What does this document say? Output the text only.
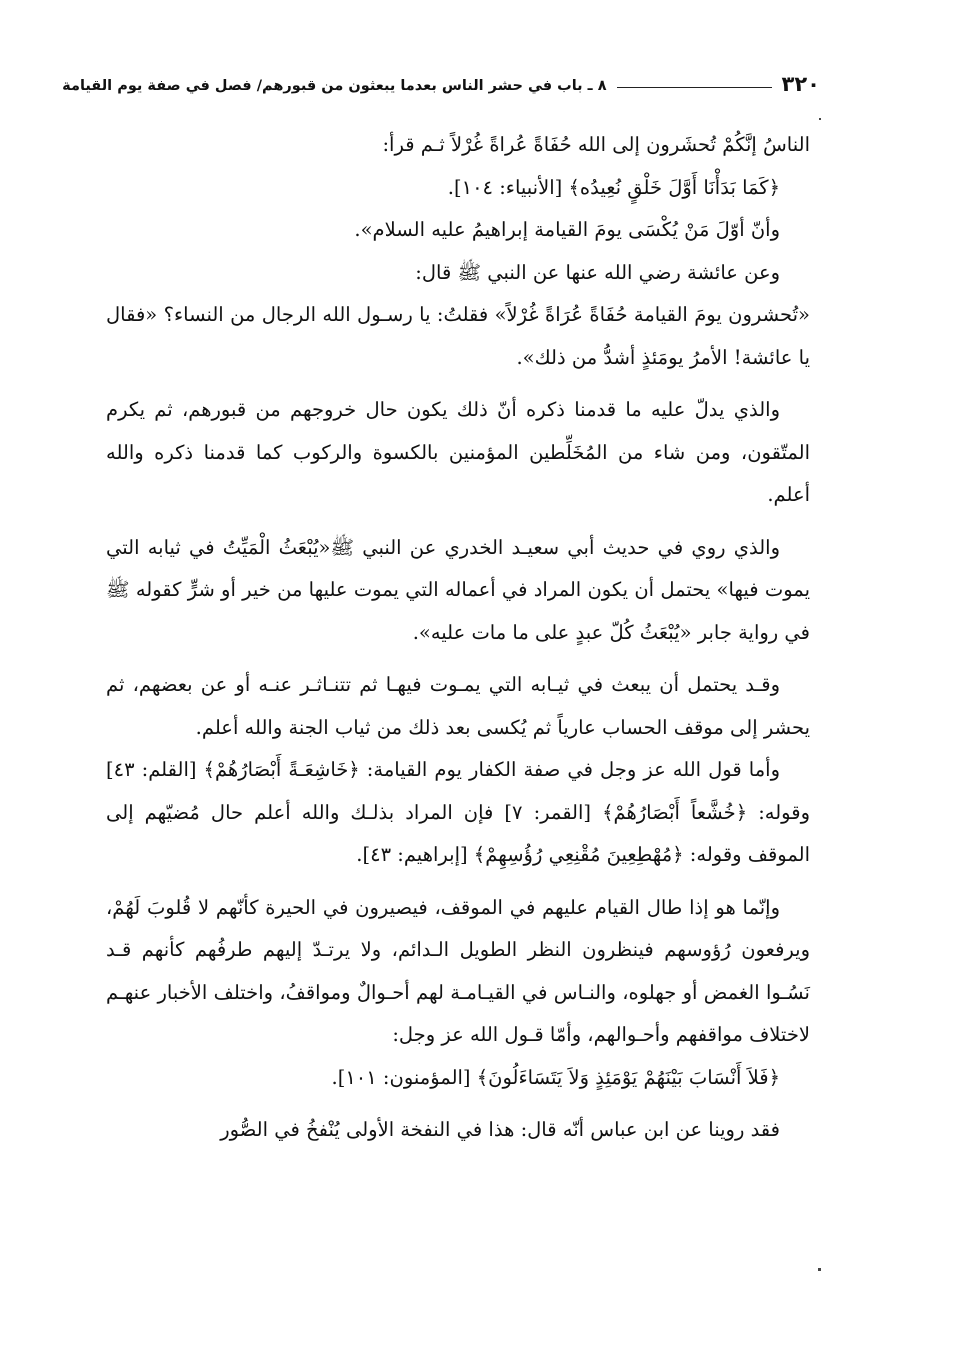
٣٢٠
٨ ـ باب في حشر الناس بعدما يبعثون من قبورهم/ فصل في صفة يوم القيامة

الناسُ إنَّكُمْ تُحشَرون إلى الله حُفَاةً عُراةً غُرْلاً ثـم قرأ:

﴿كَمَا بَدَأْنَا أَوَّلَ خَلْقٍ نُعِيدُه﴾ [الأنبياء: ١٠٤].

وأنّ أوّلَ مَنْ يُكْسَى يومَ القيامة إبراهيمُ عليه السلام».

وعن عائشة رضي الله عنها عن النبي ﷺ قال:

«تُحشرون يومَ القيامة حُفَاةً عُرَاةً غُرْلاً» فقلتُ: يا رسـول الله الرجال من النساء؟ «فقال يا عائشة! الأمرُ يومَئذٍ أشدُّ من ذلك».

والذي يدلّ عليه ما قدمنا ذكره أنّ ذلك يكون حال خروجهم من قبورهم، ثم يكرم المتّقون، ومن شاء من المُخَلِّطين المؤمنين بالكسوة والركوب كما قدمنا ذكره والله أعلم.

والذي روي في حديث أبي سعيـد الخدري عن النبي ﷺ«يُبْعَثُ الْمَيِّتُ في ثيابه التي يموت فيها» يحتمل أن يكون المراد في أعماله التي يموت عليها من خير أو شرٍّ كقوله ﷺ في رواية جابر «يُبْعَثُ كُلّ عبدٍ على ما مات عليه».

وقـد يحتمل أن يبعث في ثيـابه التي يمـوت فيهـا ثم تتنـاثـر عنـه أو عن بعضهم، ثم يحشر إلى موقف الحساب عارياً ثم يُكسى بعد ذلك من ثياب الجنة والله أعلم.

وأما قول الله عز وجل في صفة الكفار يوم القيامة: ﴿خَاشِعَـةً أَبْصَارُهُمْ﴾ [القلم: ٤٣] وقوله: ﴿خُشَّعاً أَبْصَارُهُمْ﴾ [القمر: ٧] فإن المراد بذلـك والله أعلم حال مُضيّهم إلى الموقف وقوله: ﴿مُهْطِعِينَ مُقْنِعِي رُؤُسِهِمْ﴾ [إبراهيم: ٤٣].

وإنّما هو إذا طال القيام عليهم في الموقف، فيصيرون في الحيرة كأنّهم لا قُلوبَ لَهُمْ، ويرفعون رُؤوسهم فينظرون النظر الطويل الـدائم، ولا يرتـدّ إليهم طرفُهم كأنهم قـد نَسُـوا الغمض أو جهلوه، والنـاس في القيـامـة لهم أحـوالٌ ومواقفُ، واختلف الأخبار عنهـم لاختلاف مواقفهم وأحـوالهم، وأمّا قـول الله عز وجل:

﴿فَلاَ أَنْسَابَ بَيْنَهُمْ يَوْمَئِذٍ وَلاَ يَتَسَاءَلُونَ﴾ [المؤمنون: ١٠١].

فقد روينا عن ابن عباس أنّه قال: هذا في النفخة الأولى يُنْفخُ في الصُّور
